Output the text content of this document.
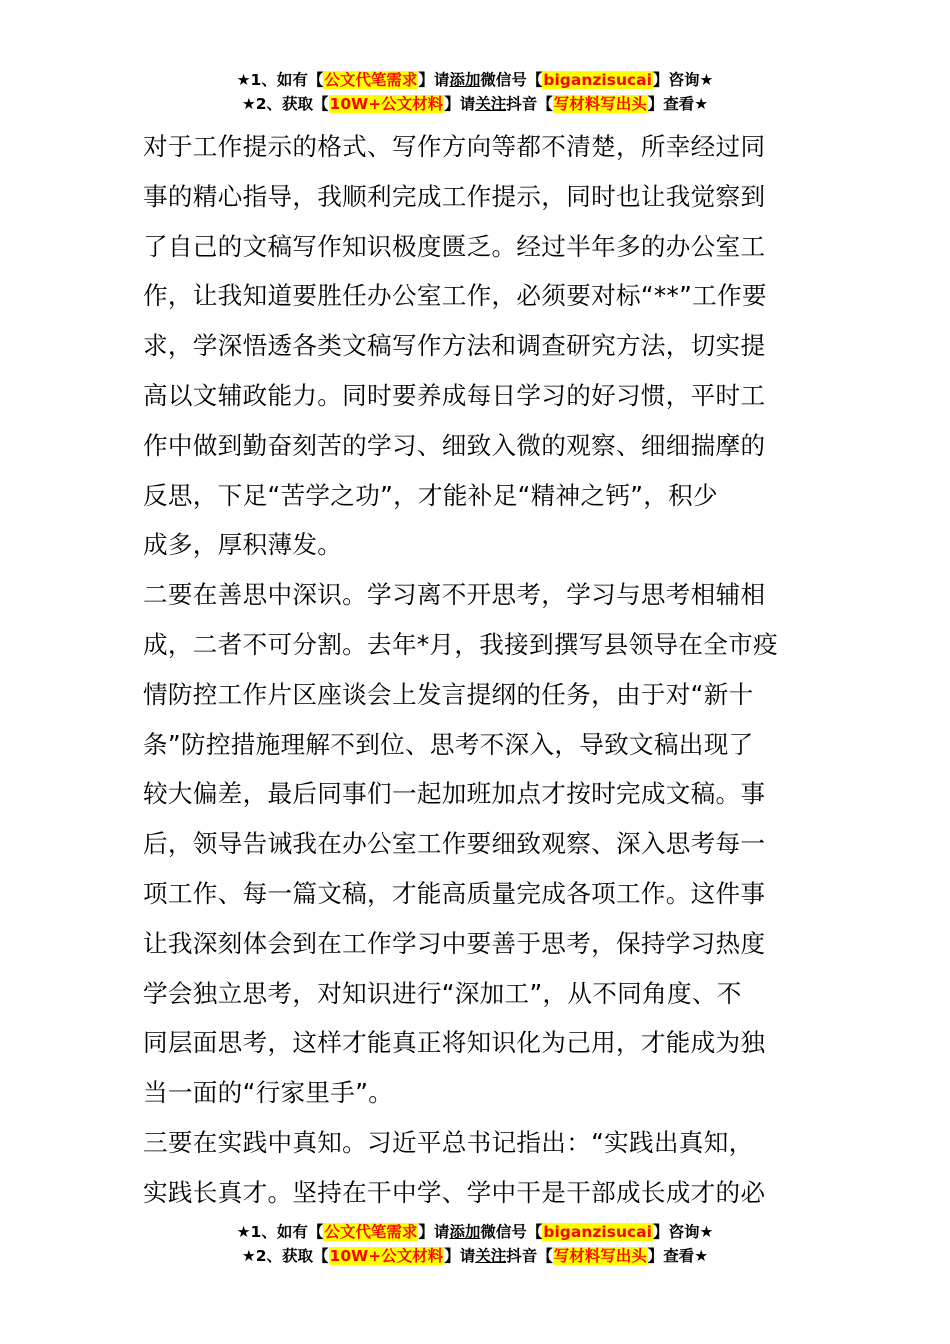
★1、如有【公文代笔需求】请添加微信号【biganzisucai】咨询★
★2、获取【10W+公文材料】请关注抖音【写材料写出头】查看★
对于工作提示的格式、写作方向等都不清楚，所幸经过同
事的精心指导，我顺利完成工作提示，同时也让我觉察到
了自己的文稿写作知识极度匮乏。经过半年多的办公室工
作，让我知道要胜任办公室工作，必须要对标“**”工作要
求，学深悟透各类文稿写作方法和调查研究方法，切实提
高以文辅政能力。同时要养成每日学习的好习惯，平时工
作中做到勤奋刻苦的学习、细致入微的观察、细细揣摩的
反思，下足“苦学之功”，才能补足“精神之钙”，积少
成多，厚积薄发。
二要在善思中深识。学习离不开思考，学习与思考相辅相
成，二者不可分割。去年*月，我接到撰写县领导在全市疫
情防控工作片区座谈会上发言提纲的任务，由于对“新十
条”防控措施理解不到位、思考不深入，导致文稿出现了
较大偏差，最后同事们一起加班加点才按时完成文稿。事
后，领导告诫我在办公室工作要细致观察、深入思考每一
项工作、每一篇文稿，才能高质量完成各项工作。这件事
让我深刻体会到在工作学习中要善于思考，保持学习热度
学会独立思考，对知识进行“深加工”，从不同角度、不
同层面思考，这样才能真正将知识化为己用，才能成为独
当一面的“行家里手”。
三要在实践中真知。习近平总书记指出：“实践出真知，
实践长真才。坚持在干中学、学中干是干部成长成才的必
★1、如有【公文代笔需求】请添加微信号【biganzisucai】咨询★
★2、获取【10W+公文材料】请关注抖音【写材料写出头】查看★
